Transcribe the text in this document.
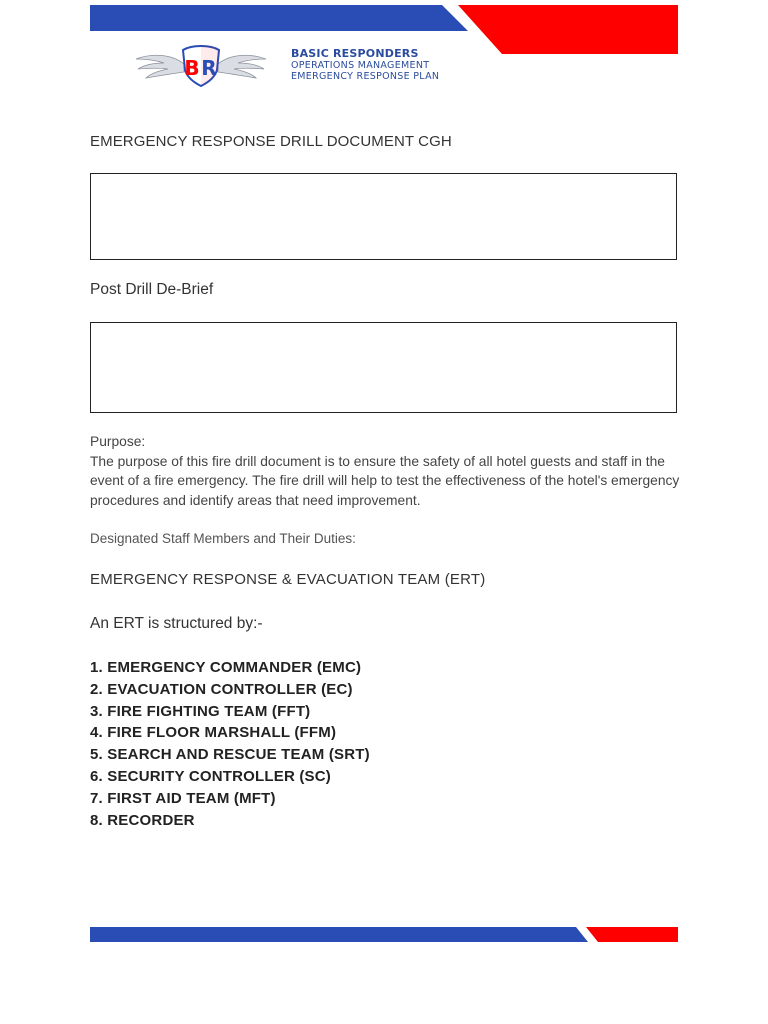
B R
BASIC RESPONDERS
OPERATIONS MANAGEMENT
EMERGENCY RESPONSE PLAN
EMERGENCY RESPONSE DRILL DOCUMENT CGH
Post Drill De-Brief
Purpose:
The purpose of this fire drill document is to ensure the safety of all hotel guests and staff in the event of a fire emergency. The fire drill will help to test the effectiveness of the hotel's emergency procedures and identify areas that need improvement.
Designated Staff Members and Their Duties:
EMERGENCY RESPONSE & EVACUATION TEAM (ERT)
An ERT is structured by:-
1. EMERGENCY COMMANDER (EMC)
2. EVACUATION CONTROLLER (EC)
3. FIRE FIGHTING TEAM (FFT)
4. FIRE FLOOR MARSHALL (FFM)
5. SEARCH AND RESCUE TEAM (SRT)
6. SECURITY CONTROLLER (SC)
7. FIRST AID TEAM (MFT)
8. RECORDER
